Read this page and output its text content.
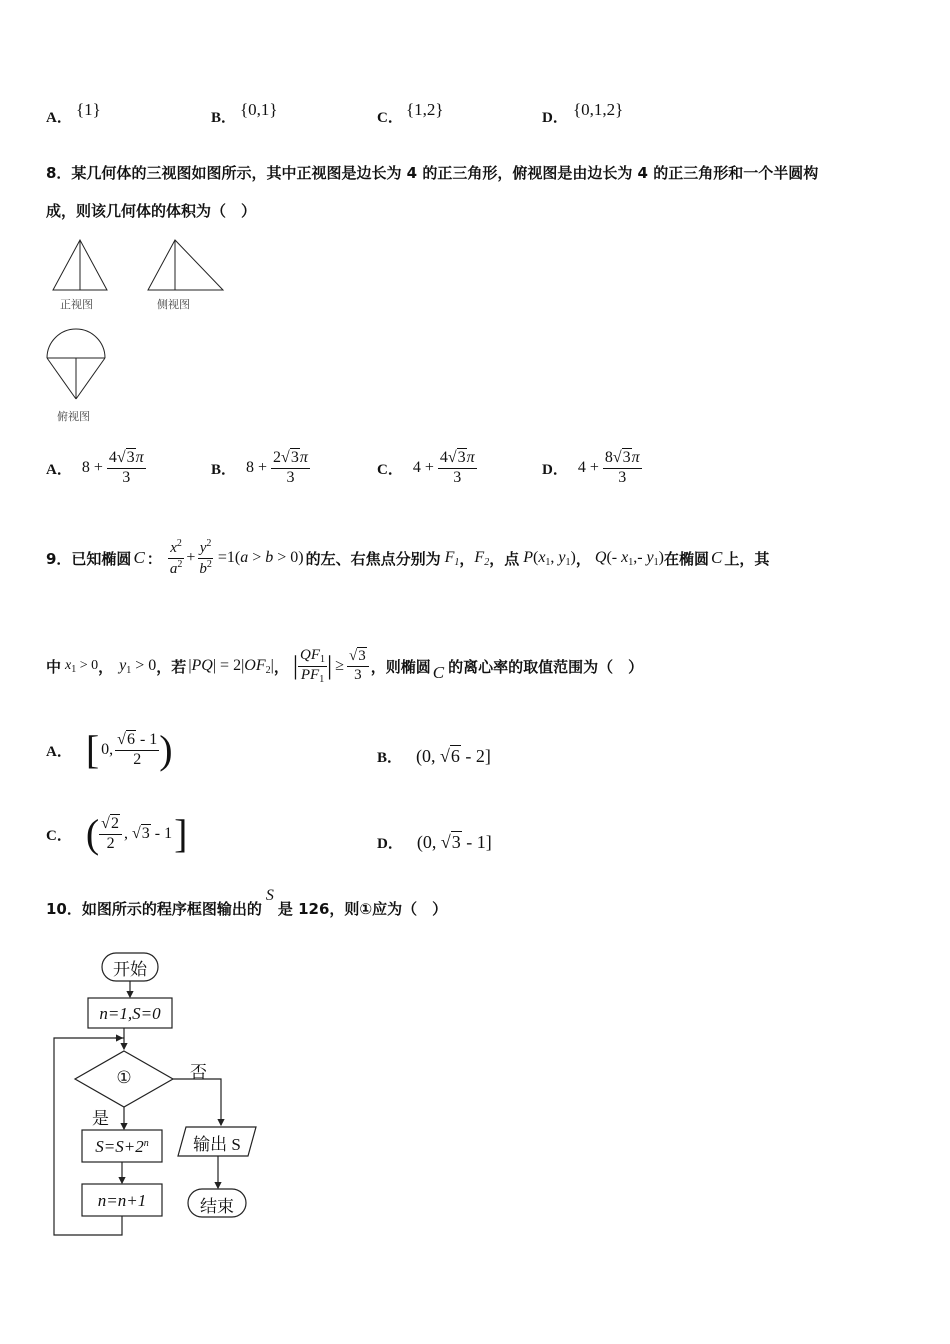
A． {1}	B． {0,1}	C． {1,2}	D． {0,1,2}
8．某几何体的三视图如图所示，其中正视图是边长为 4 的正三角形，俯视图是由边长为 4 的正三角形和一个半圆构
成，则该几何体的体积为（　）
正视图	侧视图
俯视图
A． $8 + \frac{4√3\pi}{3}$	B． $8 + \frac{2√3\pi}{3}$	C． $4 + \frac{4√3\pi}{3}$	D． $4 + \frac{8√3\pi}{3}$
9．已知椭圆 C ： $\frac{x^2}{a^2} + \frac{y^2}{b^2} =1(a > b > 0)$ 的左、右焦点分别为 $F_1$ ， $F_2$ ，点 $P(x_1$, $y_1$) ， Q(- $x_1,-$ $y_1$) 在椭圆 C 上，其
中 $x_1 > 0$ ， $y_1 > 0$ ，若 $|PQ| = 2|OF_2|$ ， | $\frac{QF_1}{PF_1}$ | ≥ $\frac{√3}{3}$ ，则椭圆 C 的离心率的取值范围为（　）
A． [ 0, $\frac{√6 - 1}{2}$ )	B． (0, √6 - 2]
C． ( $\frac{√2}{2}$ , √3 - 1 ]	D． (0, √3 - 1]
10．如图所示的程序框图输出的
S
是 126，则①应为（　）
开始
n=1,S=0
①	否
是
$S=S+2^n$
n=n+1
输出 S
结束
